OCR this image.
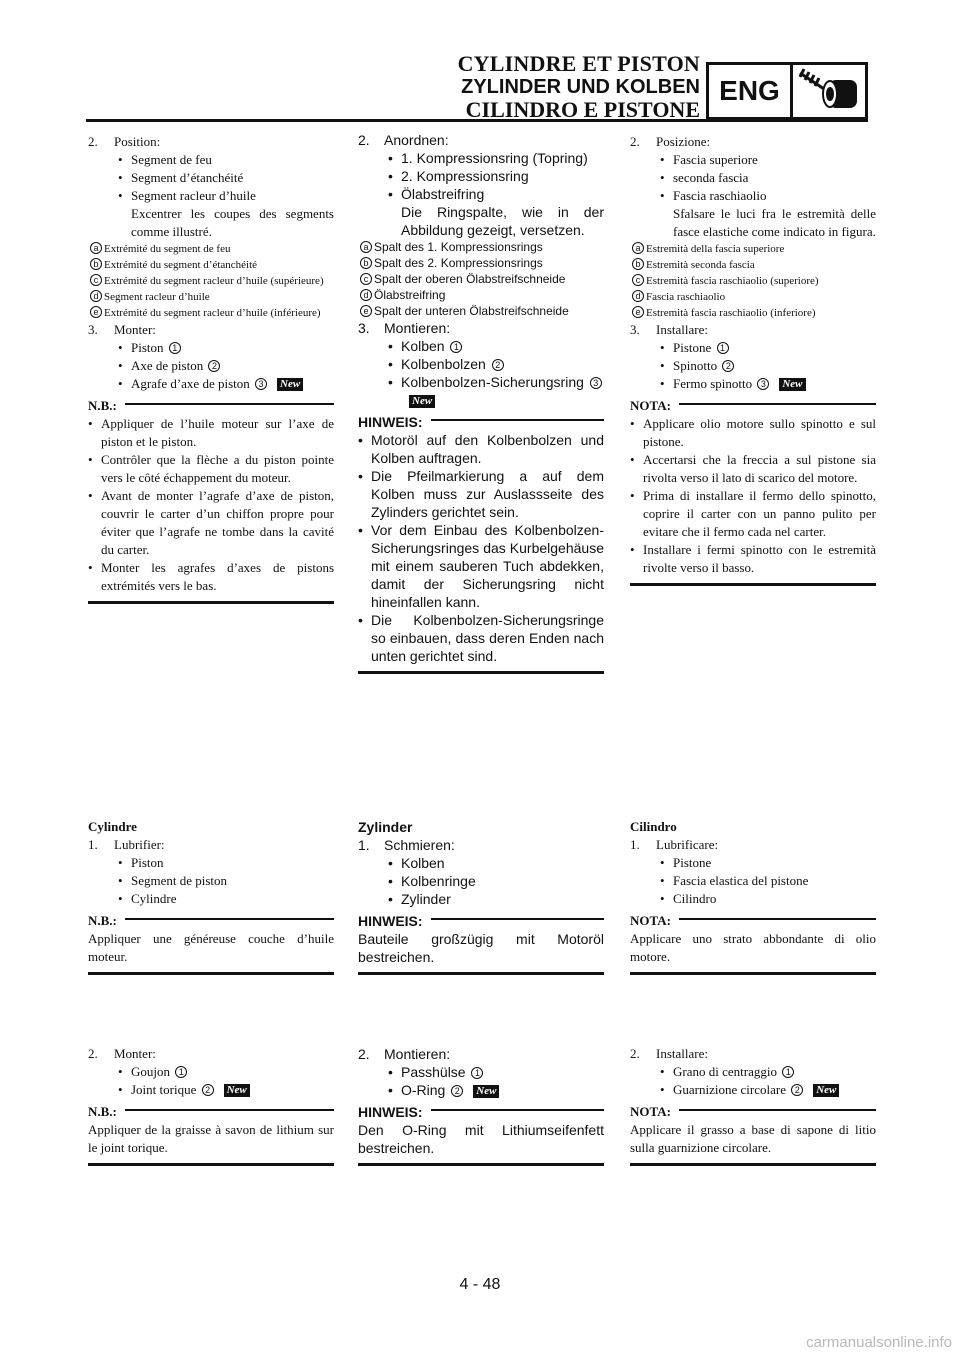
CYLINDRE ET PISTON
ZYLINDER UND KOLBEN
CILINDRO E PISTONE
ENG
2.	Position:
• Segment de feu
• Segment d’étanchéité
• Segment racleur d’huile
Excentrer les coupes des segments comme illustré.
a Extrémité du segment de feu
b Extrémité du segment d’étanchéité
c Extrémité du segment racleur d’huile (supérieure)
d Segment racleur d’huile
e Extrémité du segment racleur d’huile (inférieure)
3.	Monter:
• Piston 1
• Axe de piston 2
• Agrafe d’axe de piston 3 New
N.B.:
• Appliquer de l’huile moteur sur l’axe de piston et le piston.
• Contrôler que la flèche a du piston pointe vers le côté échappement du moteur.
• Avant de monter l’agrafe d’axe de piston, couvrir le carter d’un chiffon propre pour éviter que l’agrafe ne tombe dans la cavité du carter.
• Monter les agrafes d’axes de pistons extrémités vers le bas.
Cylindre
1.	Lubrifier:
• Piston
• Segment de piston
• Cylindre
N.B.:
Appliquer une généreuse couche d’huile moteur.
2.	Monter:
• Goujon 1
• Joint torique 2 New
N.B.:
Appliquer de la graisse à savon de lithium sur le joint torique.
2.	Anordnen:
• 1. Kompressionsring (Topring)
• 2. Kompressionsring
• Ölabstreifring
Die Ringspalte, wie in der Abbildung gezeigt, versetzen.
a Spalt des 1. Kompressionsrings
b Spalt des 2. Kompressionsrings
c Spalt der oberen Ölabstreifschneide
d Ölabstreifring
e Spalt der unteren Ölabstreifschneide
3.	Montieren:
• Kolben 1
• Kolbenbolzen 2
• Kolbenbolzen-Sicherungsring 3New
HINWEIS:
• Motoröl auf den Kolbenbolzen und Kolben auftragen.
• Die Pfeilmarkierung a auf dem Kolben muss zur Auslassseite des Zylinders gerichtet sein.
• Vor dem Einbau des Kolbenbolzen-Sicherungsringes das Kurbelgehäuse mit einem sauberen Tuch abdekken, damit der Sicherungsring nicht hineinfallen kann.
• Die Kolbenbolzen-Sicherungsringe so einbauen, dass deren Enden nach unten gerichtet sind.
Zylinder
1.	Schmieren:
• Kolben
• Kolbenringe
• Zylinder
HINWEIS:
Bauteile großzügig mit Motoröl bestreichen.
2.	Montieren:
• Passhülse 1
• O-Ring 2 New
HINWEIS:
Den O-Ring mit Lithiumseifenfett bestreichen.
2.	Posizione:
• Fascia superiore
• seconda fascia
• Fascia raschiaolio
Sfalsare le luci fra le estremità delle fasce elastiche come indicato in figura.
a Estremità della fascia superiore
b Estremità seconda fascia
c Estremità fascia raschiaolio (superiore)
d Fascia raschiaolio
e Estremità fascia raschiaolio (inferiore)
3.	Installare:
• Pistone 1
• Spinotto 2
• Fermo spinotto 3 New
NOTA:
• Applicare olio motore sullo spinotto e sul pistone.
• Accertarsi che la freccia a sul pistone sia rivolta verso il lato di scarico del motore.
• Prima di installare il fermo dello spinotto, coprire il carter con un panno pulito per evitare che il fermo cada nel carter.
• Installare i fermi spinotto con le estremità rivolte verso il basso.
Cilindro
1.	Lubrificare:
• Pistone
• Fascia elastica del pistone
• Cilindro
NOTA:
Applicare uno strato abbondante di olio motore.
2.	Installare:
• Grano di centraggio 1
• Guarnizione circolare 2 New
NOTA:
Applicare il grasso a base di sapone di litio sulla guarnizione circolare.
4 - 48
carmanualsonline.info
